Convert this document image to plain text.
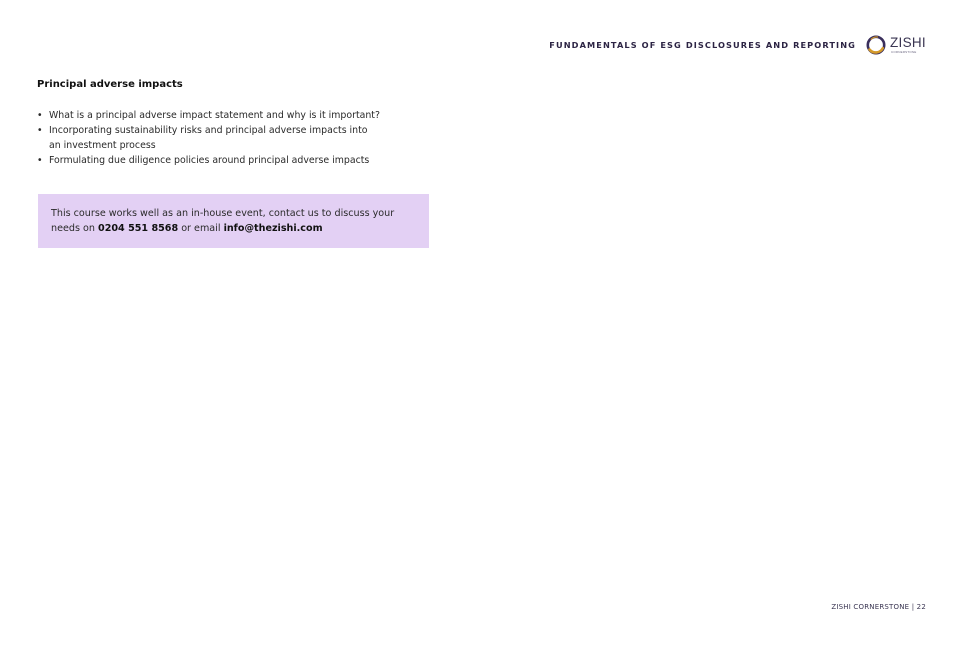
FUNDAMENTALS OF ESG DISCLOSURES AND REPORTING	ZISHI
CORNERSTONE
Principal adverse impacts
• What is a principal adverse impact statement and why is it important?
• Incorporating sustainability risks and principal adverse impacts into
an investment process
• Formulating due diligence policies around principal adverse impacts

This course works well as an in-house event, contact us to discuss your

needs on 0204 551 8568 or email info@thezishi.com

ZISHI CORNERSTONE | 22
